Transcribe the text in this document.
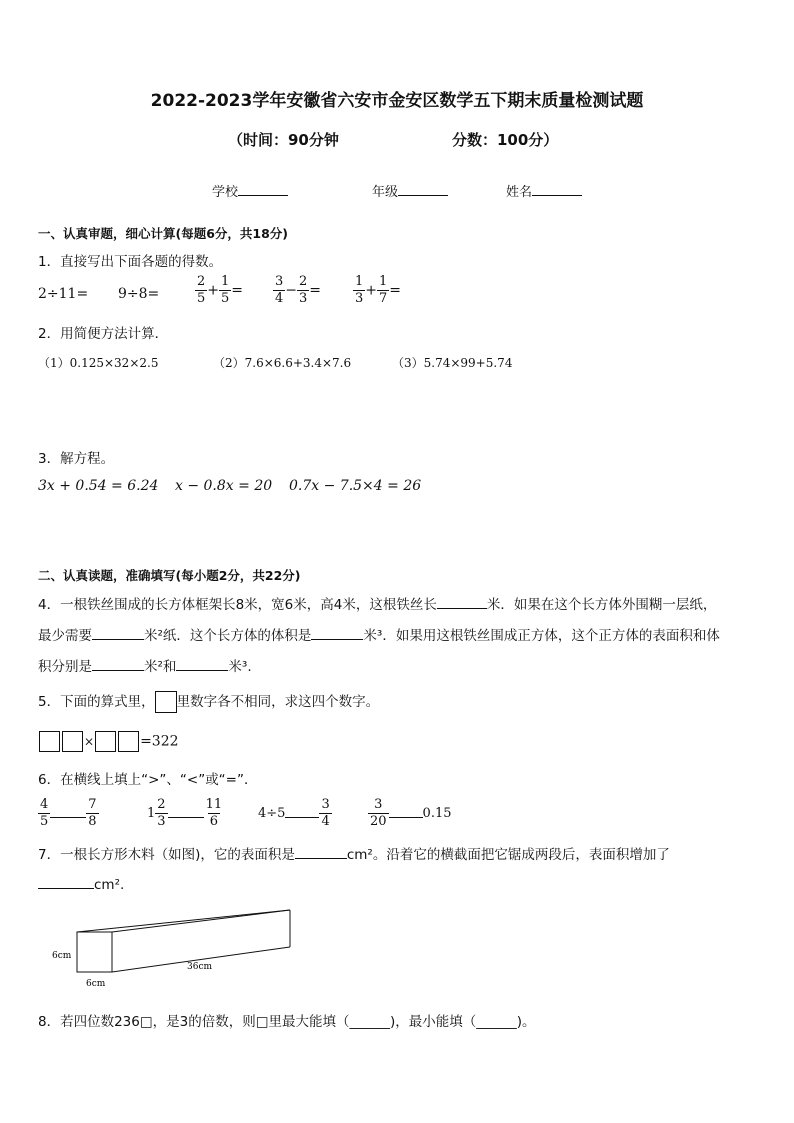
2022-2023学年安徽省六安市金安区数学五下期末质量检测试题
（时间：90分钟	分数：100分）
学校	年级	姓名
一、认真审题，细心计算(每题6分，共18分)
1．直接写出下面各题的得数。
2÷11= 9÷8=	$\frac{2}{5} + \frac{1}{5} = \frac{3}{4} - \frac{2}{3} = \frac{1}{3} + \frac{1}{7}$ =
2．用简便方法计算．
（1）0.125×32×2.5	（2）7.6×6.6+3.4×7.6	（3）5.74×99+5.74
3．解方程。
3x + 0.54 = 6.24 x − 0.8x = 20 0.7x − 7.5×4 = 26
二、认真读题，准确填写(每小题2分，共22分)
4．一根铁丝围成的长方体框架长8米，宽6米，高4米，这根铁丝长	米．如果在这个长方体外围糊一层纸，
最少需要	米²纸．这个长方体的体积是	米³．如果用这根铁丝围成正方体，这个正方体的表面积和体
积分别是	米²和	米³.
5．下面的算式里， 里数字各不相同，求这四个数字。
×	=322
6．在横线上填上“>”、“<”或“=”．
$\frac{4}{5}$	$\frac{7}{8}$	$1 \frac{2}{3}$	$\frac{11}{6}$	4÷5	$\frac{3}{4}$	$\frac{3}{20}$	0.15
7．一根长方形木料（如图)，它的表面积是	cm²。沿着它的横截面把它锯成两段后，表面积增加了
cm².
6cm
6cm
36cm
8．若四位数236□，是3的倍数，则□里最大能填（______)，最小能填（______)。
